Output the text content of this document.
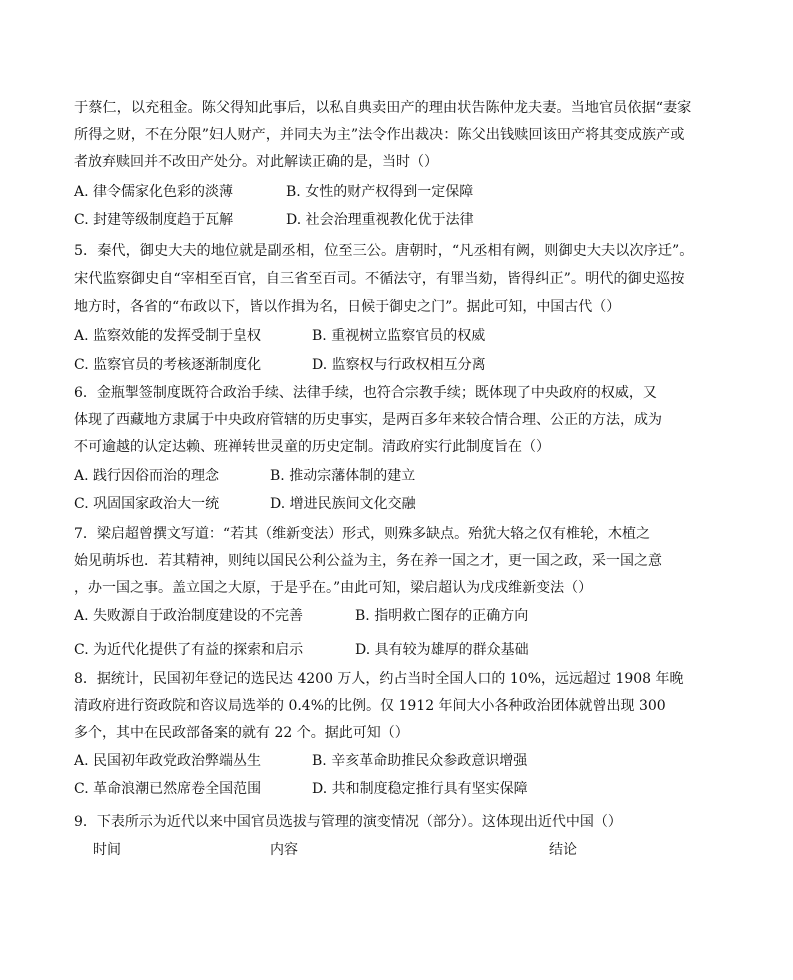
于蔡仁，以充租金。陈父得知此事后，以私自典卖田产的理由状告陈仲龙夫妻。当地官员依据“妻家
所得之财，不在分限”妇人财产，并同夫为主”法令作出裁决：陈父出钱赎回该田产将其变成族产或
者放弃赎回并不改田产处分。对此解读正确的是，当时（）
A. 律令儒家化色彩的淡薄	B. 女性的财产权得到一定保障
C. 封建等级制度趋于瓦解	D. 社会治理重视教化优于法律
5．秦代，御史大夫的地位就是副丞相，位至三公。唐朝时，“凡丞相有阙，则御史大夫以次序迁”。
宋代监察御史自“宰相至百官，自三省至百司。不循法守，有罪当劾，皆得纠正”。明代的御史巡按
地方时，各省的“布政以下，皆以作揖为名，日候于御史之门”。据此可知，中国古代（）
A. 监察效能的发挥受制于皇权	B. 重视树立监察官员的权威
C. 监察官员的考核逐渐制度化	D. 监察权与行政权相互分离
6．金瓶掣签制度既符合政治手续、法律手续，也符合宗教手续；既体现了中央政府的权威，又
体现了西藏地方隶属于中央政府管辖的历史事实，是两百多年来较合情合理、公正的方法，成为
不可逾越的认定达赖、班禅转世灵童的历史定制。清政府实行此制度旨在（）
A. 践行因俗而治的理念	B. 推动宗藩体制的建立
C. 巩固国家政治大一统	D. 增进民族间文化交融
7．梁启超曾撰文写道：“若其（维新变法）形式，则殊多缺点。殆犹大辂之仅有椎轮，木植之
始见萌坼也．若其精神，则纯以国民公利公益为主，务在养一国之才，更一国之政，采一国之意
，办一国之事。盖立国之大原，于是乎在。”由此可知，梁启超认为戊戌维新变法（）
A. 失败源自于政治制度建设的不完善	B. 指明救亡图存的正确方向
C. 为近代化提供了有益的探索和启示	D. 具有较为雄厚的群众基础
8．据统计，民国初年登记的选民达 4200 万人，约占当时全国人口的 10%，远远超过 1908 年晚
清政府进行资政院和咨议局选举的 0.4%的比例。仅 1912 年间大小各种政治团体就曾出现 300
多个，其中在民政部备案的就有 22 个。据此可知（）
A. 民国初年政党政治弊端丛生	B. 辛亥革命助推民众参政意识增强
C. 革命浪潮已然席卷全国范围	D. 共和制度稳定推行具有坚实保障
9．下表所示为近代以来中国官员选拔与管理的演变情况（部分）。这体现出近代中国（）
时间	内容	结论
